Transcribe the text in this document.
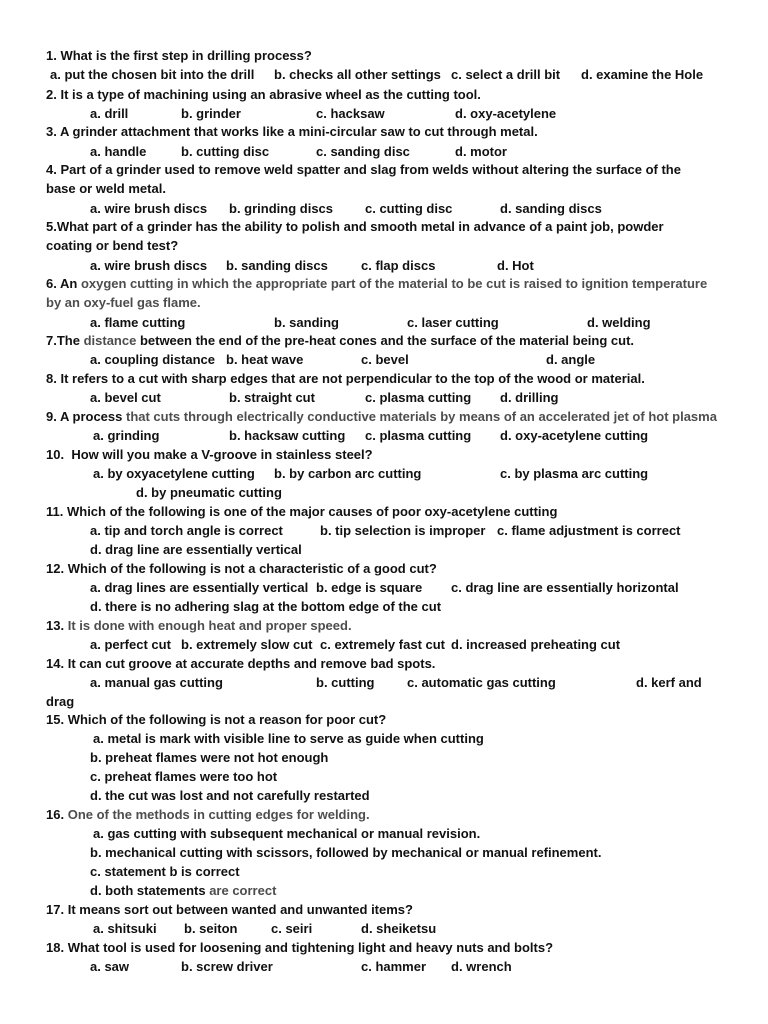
1. What is the first step in drilling process?
a. put the chosen bit into the drill b. checks all other settings c. select a drill bit d. examine the Hole
2. It is a type of machining using an abrasive wheel as the cutting tool.
a. drill	b. grinder	c. hacksaw	d. oxy-acetylene
3. A grinder attachment that works like a mini-circular saw to cut through metal.
a. handle	b. cutting disc	c. sanding disc	d. motor
4. Part of a grinder used to remove weld spatter and slag from welds without altering the surface of the
base or weld metal.
a. wire brush discs b. grinding discs c. cutting disc	d. sanding discs
5.What part of a grinder has the ability to polish and smooth metal in advance of a paint job, powder
coating or bend test?
a. wire brush discs b. sanding discs	c. flap discs	d. Hot
6. An oxygen cutting in which the appropriate part of the material to be cut is raised to ignition temperature
by an oxy-fuel gas flame.
a. flame cutting	b. sanding	c. laser cutting	d. welding
7.The distance between the end of the pre-heat cones and the surface of the material being cut.
a. coupling distance b. heat wave	c. bevel	d. angle
8. It refers to a cut with sharp edges that are not perpendicular to the top of the wood or material.
a. bevel cut	b. straight cut	c. plasma cutting d. drilling
9. A process that cuts through electrically conductive materials by means of an accelerated jet of hot plasma
a. grinding	b. hacksaw cutting c. plasma cutting d. oxy-acetylene cutting
10. How will you make a V-groove in stainless steel?
a. by oxyacetylene cutting b. by carbon arc cutting	c. by plasma arc cutting
d. by pneumatic cutting
11. Which of the following is one of the major causes of poor oxy-acetylene cutting
a. tip and torch angle is correct	b. tip selection is improper c. flame adjustment is correct
d. drag line are essentially vertical
12. Which of the following is not a characteristic of a good cut?
a. drag lines are essentially vertical b. edge is square c. drag line are essentially horizontal
d. there is no adhering slag at the bottom edge of the cut
13. It is done with enough heat and proper speed.
a. perfect cut b. extremely slow cut c. extremely fast cut d. increased preheating cut
14. It can cut groove at accurate depths and remove bad spots.
a. manual gas cutting	b. cutting	c. automatic gas cutting	d. kerf and
drag
15. Which of the following is not a reason for poor cut?
a. metal is mark with visible line to serve as guide when cutting
b. preheat flames were not hot enough
c. preheat flames were too hot
d. the cut was lost and not carefully restarted
16. One of the methods in cutting edges for welding.
a. gas cutting with subsequent mechanical or manual revision.
b. mechanical cutting with scissors, followed by mechanical or manual refinement.
c. statement b is correct
d. both statements are correct
17. It means sort out between wanted and unwanted items?
a. shitsuki b. seiton	c. seiri	d. sheiketsu
18. What tool is used for loosening and tightening light and heavy nuts and bolts?
a. saw	b. screw driver	c. hammer d. wrench
